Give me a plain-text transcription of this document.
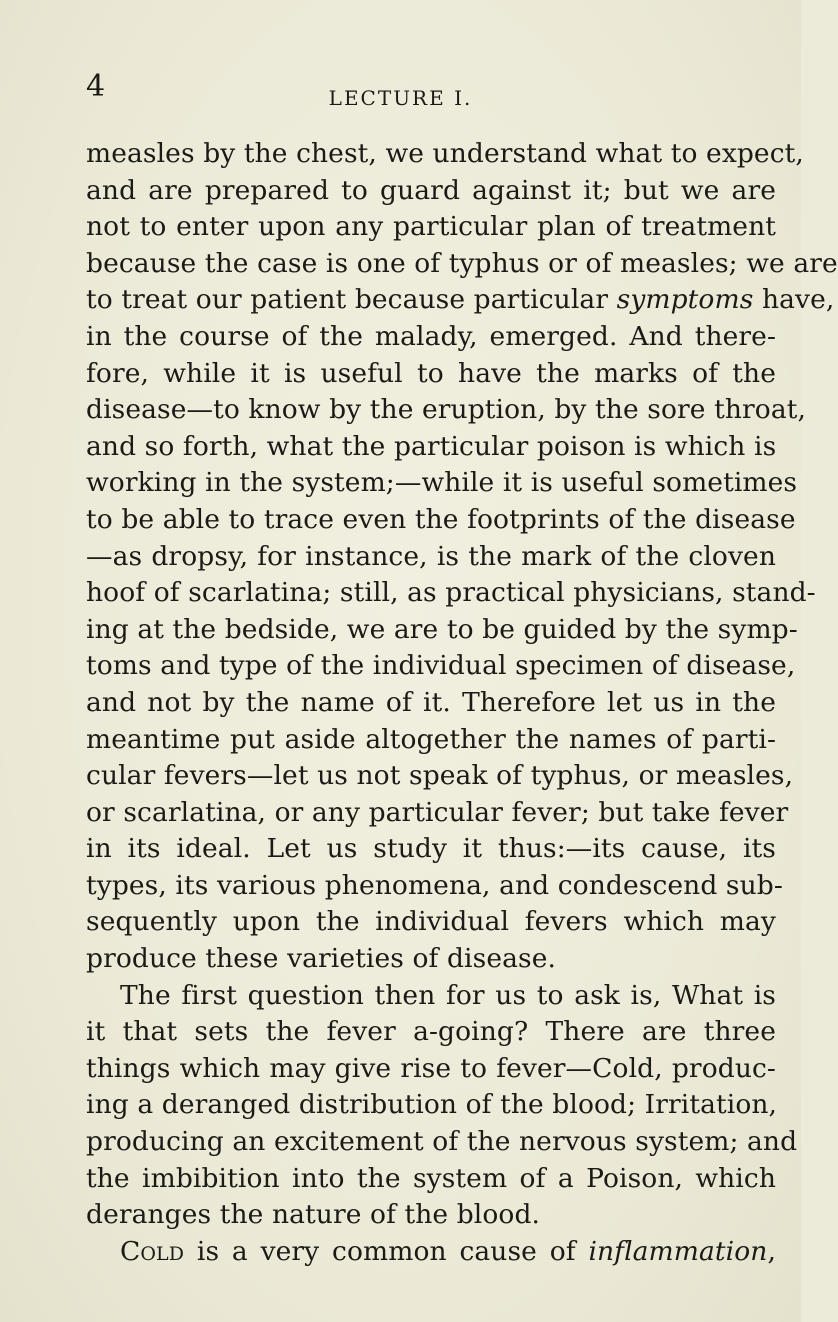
4	LECTURE I.
measles by the chest, we understand what to expect,
and are prepared to guard against it; but we are
not to enter upon any particular plan of treatment
because the case is one of typhus or of measles; we are
to treat our patient because particular symptoms have,
in the course of the malady, emerged. And there-
fore, while it is useful to have the marks of the
disease—to know by the eruption, by the sore throat,
and so forth, what the particular poison is which is
working in the system;—while it is useful sometimes
to be able to trace even the footprints of the disease
—as dropsy, for instance, is the mark of the cloven
hoof of scarlatina; still, as practical physicians, stand-
ing at the bedside, we are to be guided by the symp-
toms and type of the individual specimen of disease,
and not by the name of it. Therefore let us in the
meantime put aside altogether the names of parti-
cular fevers—let us not speak of typhus, or measles,
or scarlatina, or any particular fever; but take fever
in its ideal. Let us study it thus:—its cause, its
types, its various phenomena, and condescend sub-
sequently upon the individual fevers which may
produce these varieties of disease.
The first question then for us to ask is, What is
it that sets the fever a-going? There are three
things which may give rise to fever—Cold, produc-
ing a deranged distribution of the blood; Irritation,
producing an excitement of the nervous system; and
the imbibition into the system of a Poison, which
deranges the nature of the blood.
Cold is a very common cause of inflammation,
